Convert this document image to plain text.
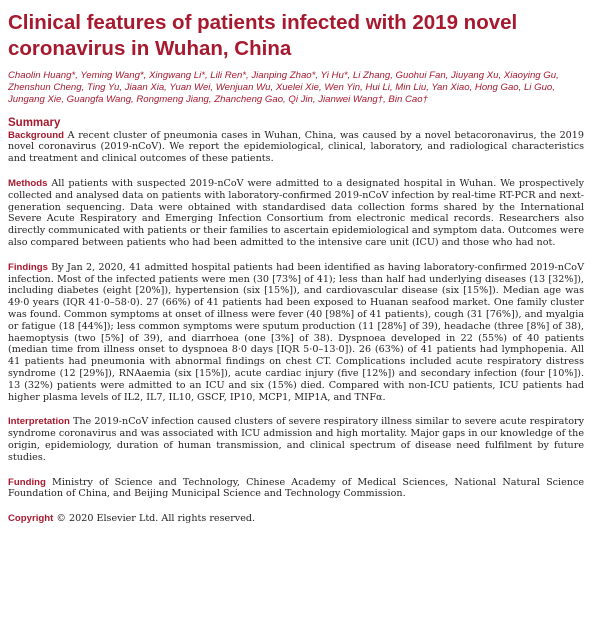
Clinical features of patients infected with 2019 novel coronavirus in Wuhan, China

Chaolin Huang*, Yeming Wang*, Xingwang Li*, Lili Ren*, Jianping Zhao*, Yi Hu*, Li Zhang, Guohui Fan, Jiuyang Xu, Xiaoying Gu, Zhenshun Cheng, Ting Yu, Jiaan Xia, Yuan Wei, Wenjuan Wu, Xuelei Xie, Wen Yin, Hui Li, Min Liu, Yan Xiao, Hong Gao, Li Guo, Jungang Xie, Guangfa Wang, Rongmeng Jiang, Zhancheng Gao, Qi Jin, Jianwei Wang†, Bin Cao†

Summary

Background A recent cluster of pneumonia cases in Wuhan, China, was caused by a novel betacoronavirus, the 2019 novel coronavirus (2019-nCoV). We report the epidemiological, clinical, laboratory, and radiological characteristics and treatment and clinical outcomes of these patients.

Methods All patients with suspected 2019-nCoV were admitted to a designated hospital in Wuhan. We prospectively collected and analysed data on patients with laboratory-confirmed 2019-nCoV infection by real-time RT-PCR and next-generation sequencing. Data were obtained with standardised data collection forms shared by the International Severe Acute Respiratory and Emerging Infection Consortium from electronic medical records. Researchers also directly communicated with patients or their families to ascertain epidemiological and symptom data. Outcomes were also compared between patients who had been admitted to the intensive care unit (ICU) and those who had not.

Findings By Jan 2, 2020, 41 admitted hospital patients had been identified as having laboratory-confirmed 2019-nCoV infection. Most of the infected patients were men (30 [73%] of 41); less than half had underlying diseases (13 [32%]), including diabetes (eight [20%]), hypertension (six [15%]), and cardiovascular disease (six [15%]). Median age was 49·0 years (IQR 41·0–58·0). 27 (66%) of 41 patients had been exposed to Huanan seafood market. One family cluster was found. Common symptoms at onset of illness were fever (40 [98%] of 41 patients), cough (31 [76%]), and myalgia or fatigue (18 [44%]); less common symptoms were sputum production (11 [28%] of 39), headache (three [8%] of 38), haemoptysis (two [5%] of 39), and diarrhoea (one [3%] of 38). Dyspnoea developed in 22 (55%) of 40 patients (median time from illness onset to dyspnoea 8·0 days [IQR 5·0–13·0]). 26 (63%) of 41 patients had lymphopenia. All 41 patients had pneumonia with abnormal findings on chest CT. Complications included acute respiratory distress syndrome (12 [29%]), RNAaemia (six [15%]), acute cardiac injury (five [12%]) and secondary infection (four [10%]). 13 (32%) patients were admitted to an ICU and six (15%) died. Compared with non-ICU patients, ICU patients had higher plasma levels of IL2, IL7, IL10, GSCF, IP10, MCP1, MIP1A, and TNFα.

Interpretation The 2019-nCoV infection caused clusters of severe respiratory illness similar to severe acute respiratory syndrome coronavirus and was associated with ICU admission and high mortality. Major gaps in our knowledge of the origin, epidemiology, duration of human transmission, and clinical spectrum of disease need fulfilment by future studies.

Funding Ministry of Science and Technology, Chinese Academy of Medical Sciences, National Natural Science Foundation of China, and Beijing Municipal Science and Technology Commission.

Copyright © 2020 Elsevier Ltd. All rights reserved.
